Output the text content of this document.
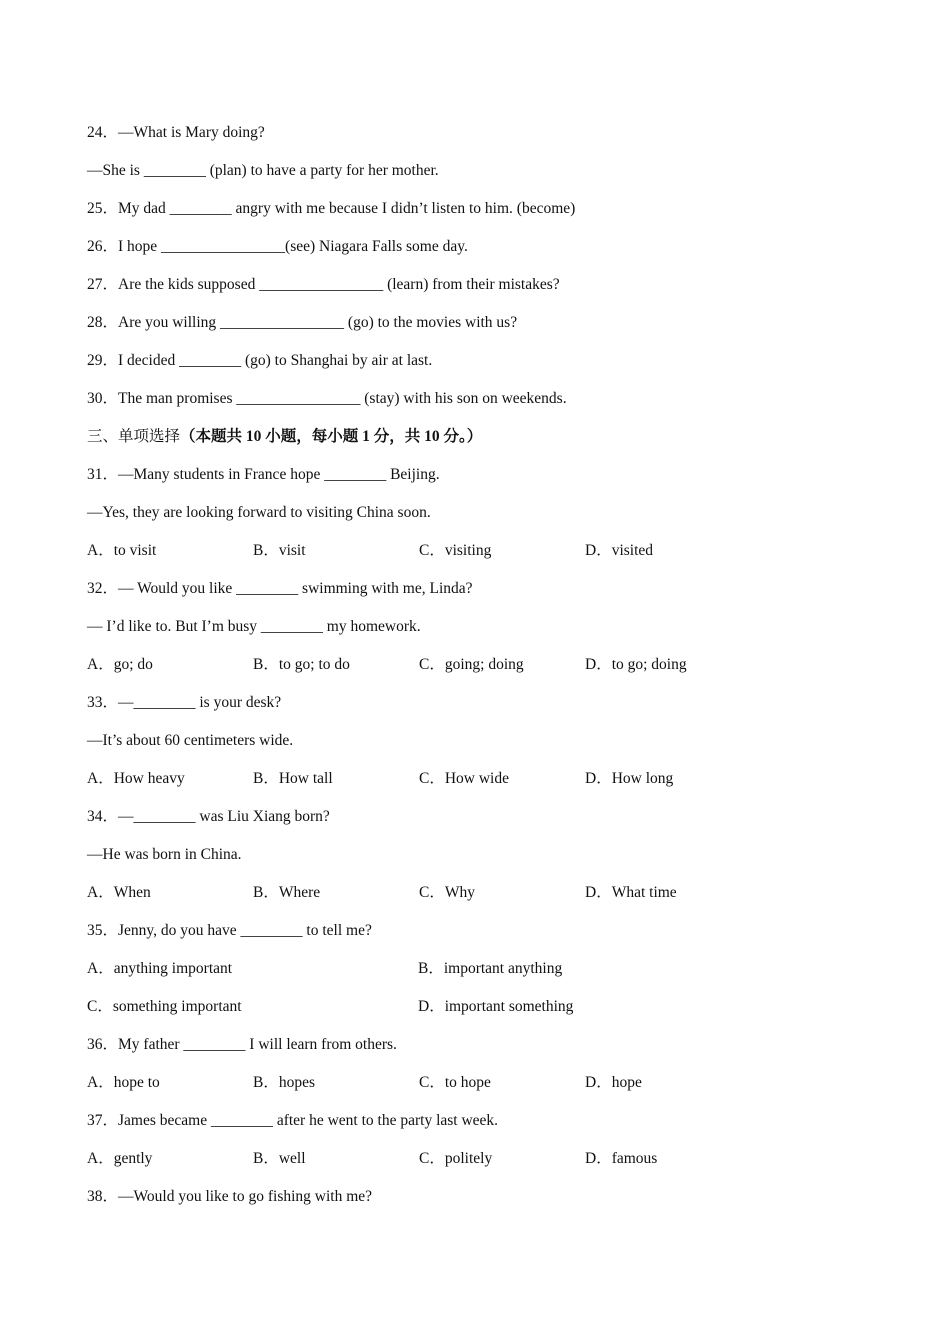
24．—What is Mary doing?
—She is ________ (plan) to have a party for her mother.
25．My dad ________ angry with me because I didn’t listen to him. (become)
26．I hope ________________(see) Niagara Falls some day.
27．Are the kids supposed ________________ (learn) from their mistakes?
28．Are you willing ________________ (go) to the movies with us?
29．I decided ________ (go) to Shanghai by air at last.
30．The man promises ________________ (stay) with his son on weekends.
三、单项选择（本题共 10 小题，每小题 1 分，共 10 分。）
31．—Many students in France hope ________ Beijing.
—Yes, they are looking forward to visiting China soon.
A．to visit	B．visit	C．visiting	D．visited
32．— Would you like ________ swimming with me, Linda?
— I’d like to. But I’m busy ________ my homework.
A．go; do	B．to go; to do	C．going; doing	D．to go; doing
33．—________ is your desk?
—It’s about 60 centimeters wide.
A．How heavy	B．How tall	C．How wide	D．How long
34．—________ was Liu Xiang born?
—He was born in China.
A．When	B．Where	C．Why	D．What time
35．Jenny, do you have ________ to tell me?
A．anything important	B．important anything
C．something important	D．important something
36．My father ________ I will learn from others.
A．hope to	B．hopes	C．to hope	D．hope
37．James became ________ after he went to the party last week.
A．gently	B．well	C．politely	D．famous
38．—Would you like to go fishing with me?
